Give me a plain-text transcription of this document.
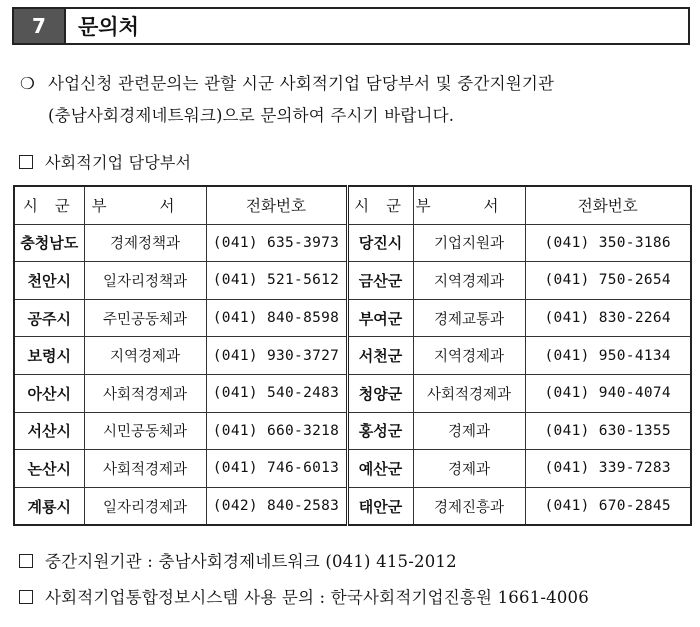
7	문의처
❍ 사업신청 관련문의는 관할 시군 사회적기업 담당부서 및 중간지원기관
(충남사회경제네트워크)으로 문의하여 주시기 바랍니다.
사회적기업 담당부서
시 군	부 서	전화번호	시 군	부 서	전화번호
충청남도	경제정책과	(041) 635-3973	당진시	기업지원과	(041) 350-3186
천안시	일자리정책과	(041) 521-5612	금산군	지역경제과	(041) 750-2654
공주시	주민공동체과	(041) 840-8598	부여군	경제교통과	(041) 830-2264
보령시	지역경제과	(041) 930-3727	서천군	지역경제과	(041) 950-4134
아산시	사회적경제과	(041) 540-2483	청양군	사회적경제과	(041) 940-4074
서산시	시민공동체과	(041) 660-3218	홍성군	경제과	(041) 630-1355
논산시	사회적경제과	(041) 746-6013	예산군	경제과	(041) 339-7283
계룡시	일자리경제과	(042) 840-2583	태안군	경제진흥과	(041) 670-2845
중간지원기관 : 충남사회경제네트워크 (041) 415-2012
사회적기업통합정보시스템 사용 문의 : 한국사회적기업진흥원 1661-4006
